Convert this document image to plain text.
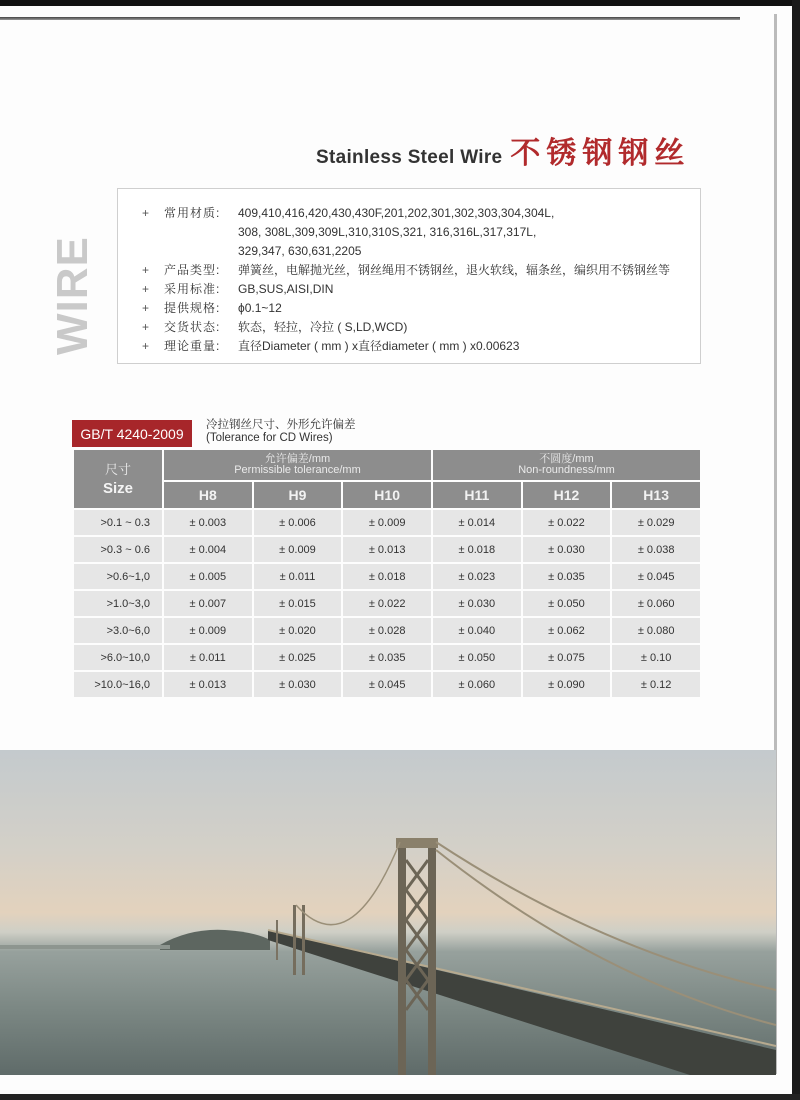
Stainless Steel Wire 不锈钢钢丝
WIRE
+	常用材质:	409,410,416,420,430,430F,201,202,301,302,303,304,304L,
308, 308L,309,309L,310,310S,321, 316,316L,317,317L,
329,347, 630,631,2205
+	产品类型:	弹簧丝，电解抛光丝，钢丝绳用不锈钢丝，退火软线，辐条丝，编织用不锈钢丝等
+	采用标准:	GB,SUS,AISI,DIN
+	提供规格:	ϕ0.1~12
+	交货状态:	软态，轻拉，冷拉 ( S,LD,WCD)
+	理论重量:	直径Diameter ( mm ) x直径diameter ( mm ) x0.00623
GB/T 4240-2009
冷拉钢丝尺寸、外形允许偏差
(Tolerance for CD Wires)
尺寸
Size	
允许偏差/mm
Permissible tolerance/mm

不圆度/mm
Non-roundness/mm

	H8	H9	H10	H11	H12	H13
>0.1 ~ 0.3	± 0.003	± 0.006	± 0.009	± 0.014	± 0.022	± 0.029
>0.3 ~ 0.6	± 0.004	± 0.009	± 0.013	± 0.018	± 0.030	± 0.038
>0.6~1,0	± 0.005	± 0.011	± 0.018	± 0.023	± 0.035	± 0.045
>1.0~3,0	± 0.007	± 0.015	± 0.022	± 0.030	± 0.050	± 0.060
>3.0~6,0	± 0.009	± 0.020	± 0.028	± 0.040	± 0.062	± 0.080
>6.0~10,0	± 0.011	± 0.025	± 0.035	± 0.050	± 0.075	± 0.10
>10.0~16,0	± 0.013	± 0.030	± 0.045	± 0.060	± 0.090	± 0.12
